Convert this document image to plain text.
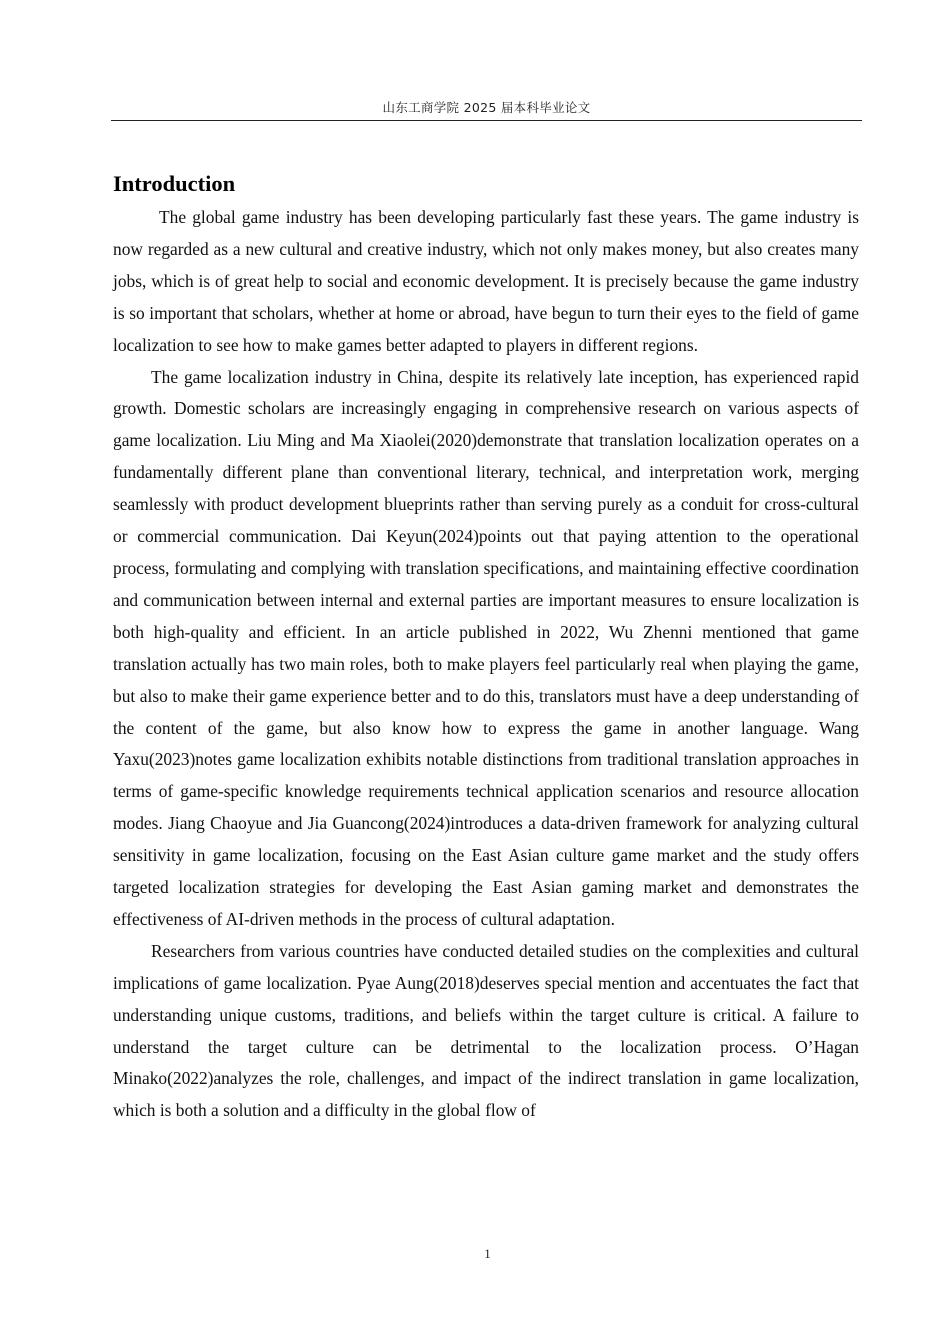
山东工商学院 2025 届本科毕业论文
Introduction

The global game industry has been developing particularly fast these years. The game industry is now regarded as a new cultural and creative industry, which not only makes money, but also creates many jobs, which is of great help to social and economic development. It is precisely because the game industry is so important that scholars, whether at home or abroad, have begun to turn their eyes to the field of game localization to see how to make games better adapted to players in different regions.

The game localization industry in China, despite its relatively late inception, has experienced rapid growth. Domestic scholars are increasingly engaging in comprehensive research on various aspects of game localization. Liu Ming and Ma Xiaolei(2020)demonstrate that translation localization operates on a fundamentally different plane than conventional literary, technical, and interpretation work, merging seamlessly with product development blueprints rather than serving purely as a conduit for cross-cultural or commercial communication. Dai Keyun(2024)points out that paying attention to the operational process, formulating and complying with translation specifications, and maintaining effective coordination and communication between internal and external parties are important measures to ensure localization is both high-quality and efficient. In an article published in 2022, Wu Zhenni mentioned that game translation actually has two main roles, both to make players feel particularly real when playing the game, but also to make their game experience better and to do this, translators must have a deep understanding of the content of the game, but also know how to express the game in another language. Wang Yaxu(2023)notes game localization exhibits notable distinctions from traditional translation approaches in terms of game-specific knowledge requirements technical application scenarios and resource allocation modes. Jiang Chaoyue and Jia Guancong(2024)introduces a data-driven framework for analyzing cultural sensitivity in game localization, focusing on the East Asian culture game market and the study offers targeted localization strategies for developing the East Asian gaming market and demonstrates the effectiveness of AI-driven methods in the process of cultural adaptation.

Researchers from various countries have conducted detailed studies on the complexities and cultural implications of game localization. Pyae Aung(2018)deserves special mention and accentuates the fact that understanding unique customs, traditions, and beliefs within the target culture is critical. A failure to understand the target culture can be detrimental to the localization process. O’Hagan Minako(2022)analyzes the role, challenges, and impact of the indirect translation in game localization, which is both a solution and a difficulty in the global flow of

1
